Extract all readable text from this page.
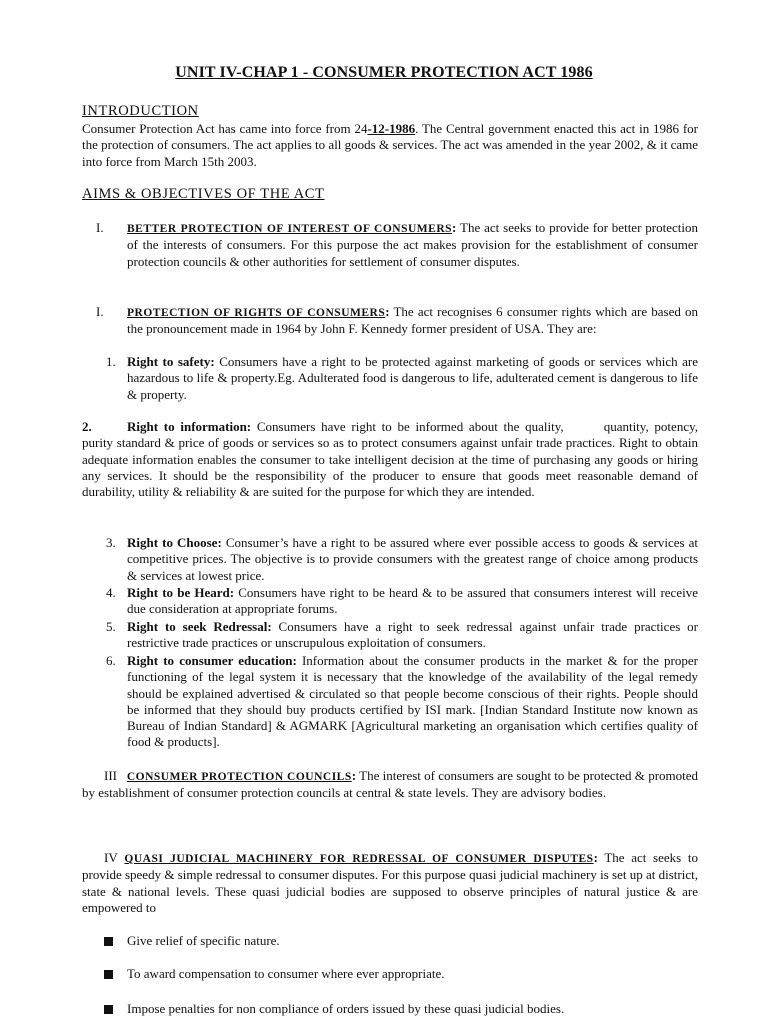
UNIT IV-CHAP 1 - CONSUMER PROTECTION ACT 1986
INTRODUCTION

Consumer Protection Act has came into force from 24-12-1986. The Central government enacted this act in 1986 for the protection of consumers. The act applies to all goods & services. The act was amended in the year 2002, & it came into force from March 15th 2003.

AIMS & OBJECTIVES OF THE ACT
I. BETTER PROTECTION OF INTEREST OF CONSUMERS: The act seeks to provide for better protection of the interests of consumers. For this purpose the act makes provision for the establishment of consumer protection councils & other authorities for settlement of consumer disputes.

I. PROTECTION OF RIGHTS OF CONSUMERS: The act recognises 6 consumer rights which are based on the pronouncement made in 1964 by John F. Kennedy former president of USA. They are:

1. Right to safety: Consumers have a right to be protected against marketing of goods or services which are hazardous to life & property.Eg. Adulterated food is dangerous to life, adulterated cement is dangerous to life & property.

2.	Right to information: Consumers have right to be informed about the quality,	quantity, potency, purity standard & price of goods or services so as to protect consumers against unfair trade practices. Right to obtain adequate information enables the consumer to take intelligent decision at the time of purchasing any goods or hiring any services. It should be the responsibility of the producer to ensure that goods meet reasonable demand of durability, utility & reliability & are suited for the purpose for which they are intended.

3. Right to Choose: Consumer’s have a right to be assured where ever possible access to goods & services at competitive prices. The objective is to provide consumers with the greatest range of choice among products & services at lowest price.

4. Right to be Heard: Consumers have right to be heard & to be assured that consumers interest will receive due consideration at appropriate forums.

5. Right to seek Redressal: Consumers have a right to seek redressal against unfair trade practices or restrictive trade practices or unscrupulous exploitation of consumers.

6. Right to consumer education: Information about the consumer products in the market & for the proper functioning of the legal system it is necessary that the knowledge of the availability of the legal remedy should be explained advertised & circulated so that people become conscious of their rights. People should be informed that they should buy products certified by ISI mark. [Indian Standard Institute now known as Bureau of Indian Standard] & AGMARK [Agricultural marketing an organisation which certifies quality of food & products].

III CONSUMER PROTECTION COUNCILS: The interest of consumers are sought to be protected & promoted by establishment of consumer protection councils at central & state levels. They are advisory bodies.

IV QUASI JUDICIAL MACHINERY FOR REDRESSAL OF CONSUMER DISPUTES: The act seeks to provide speedy & simple redressal to consumer disputes. For this purpose quasi judicial machinery is set up at district, state & national levels. These quasi judicial bodies are supposed to observe principles of natural justice & are empowered to

Give relief of specific nature.
To award compensation to consumer where ever appropriate.
Impose penalties for non compliance of orders issued by these quasi judicial bodies.
